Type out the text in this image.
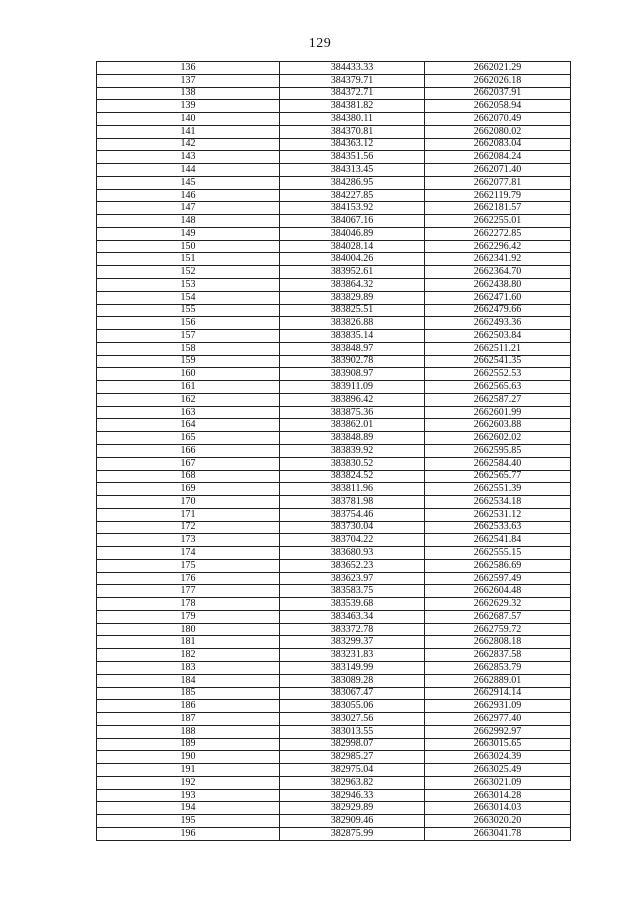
129
136	384433.33	2662021.29
137	384379.71	2662026.18
138	384372.71	2662037.91
139	384381.82	2662058.94
140	384380.11	2662070.49
141	384370.81	2662080.02
142	384363.12	2662083.04
143	384351.56	2662084.24
144	384313.45	2662071.40
145	384286.95	2662077.81
146	384227.85	2662119.79
147	384153.92	2662181.57
148	384067.16	2662255.01
149	384046.89	2662272.85
150	384028.14	2662296.42
151	384004.26	2662341.92
152	383952.61	2662364.70
153	383864.32	2662438.80
154	383829.89	2662471.60
155	383825.51	2662479.66
156	383826.88	2662493.36
157	383835.14	2662503.84
158	383848.97	2662511.21
159	383902.78	2662541.35
160	383908.97	2662552.53
161	383911.09	2662565.63
162	383896.42	2662587.27
163	383875.36	2662601.99
164	383862.01	2662603.88
165	383848.89	2662602.02
166	383839.92	2662595.85
167	383830.52	2662584.40
168	383824.52	2662565.77
169	383811.96	2662551.39
170	383781.98	2662534.18
171	383754.46	2662531.12
172	383730.04	2662533.63
173	383704.22	2662541.84
174	383680.93	2662555.15
175	383652.23	2662586.69
176	383623.97	2662597.49
177	383583.75	2662604.48
178	383539.68	2662629.32
179	383463.34	2662687.57
180	383372.78	2662759.72
181	383299.37	2662808.18
182	383231.83	2662837.58
183	383149.99	2662853.79
184	383089.28	2662889.01
185	383067.47	2662914.14
186	383055.06	2662931.09
187	383027.56	2662977.40
188	383013.55	2662992.97
189	382998.07	2663015.65
190	382985.27	2663024.39
191	382975.04	2663025.49
192	382963.82	2663021.09
193	382946.33	2663014.28
194	382929.89	2663014.03
195	382909.46	2663020.20
196	382875.99	2663041.78
